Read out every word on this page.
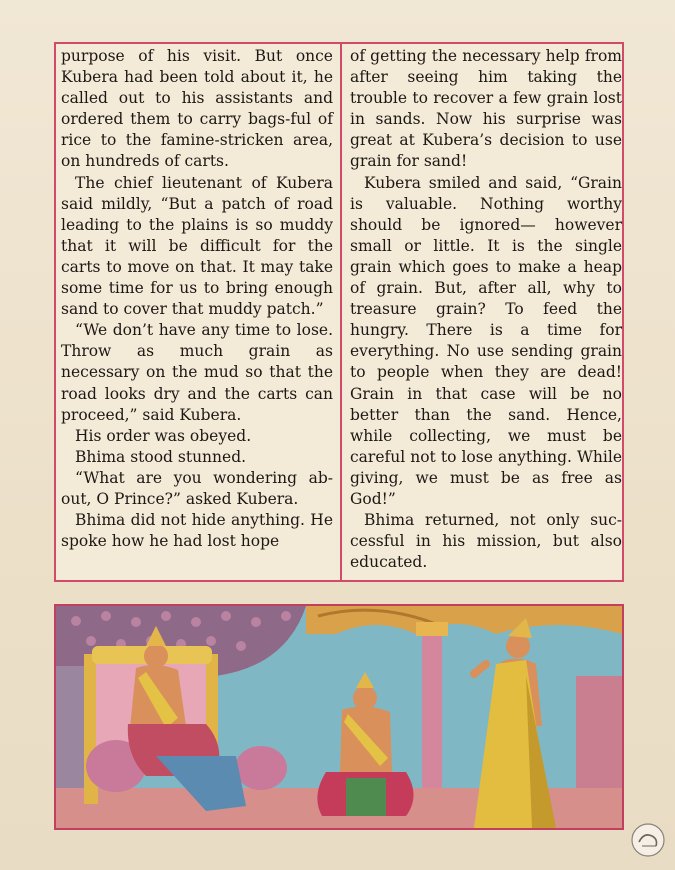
purpose of his visit. But once Kubera had been told about it, he called out to his assistants and ordered them to carry bags-ful of rice to the famine-stricken area, on hundreds of carts.

The chief lieutenant of Kubera said mildly, “But a patch of road leading to the plains is so muddy that it will be difficult for the carts to move on that. It may take some time for us to bring enough sand to cover that muddy patch.”

“We don’t have any time to lose. Throw as much grain as necessary on the mud so that the road looks dry and the carts can proceed,” said Kubera.

His order was obeyed.

Bhima stood stunned.

“What are you wondering ab-out, O Prince?” asked Kubera.

Bhima did not hide anything. He spoke how he had lost hope

of getting the necessary help from after seeing him taking the trouble to recover a few grain lost in sands. Now his surprise was great at Kubera’s decision to use grain for sand!

Kubera smiled and said, “Grain is valuable. Nothing worthy should be ignored— however small or little. It is the single grain which goes to make a heap of grain. But, after all, why to treasure grain? To feed the hungry. There is a time for everything. No use sending grain to people when they are dead! Grain in that case will be no better than the sand. Hence, while collecting, we must be careful not to lose anything. While giving, we must be as free as God!”

Bhima returned, not only suc-cessful in his mission, but also educated.
